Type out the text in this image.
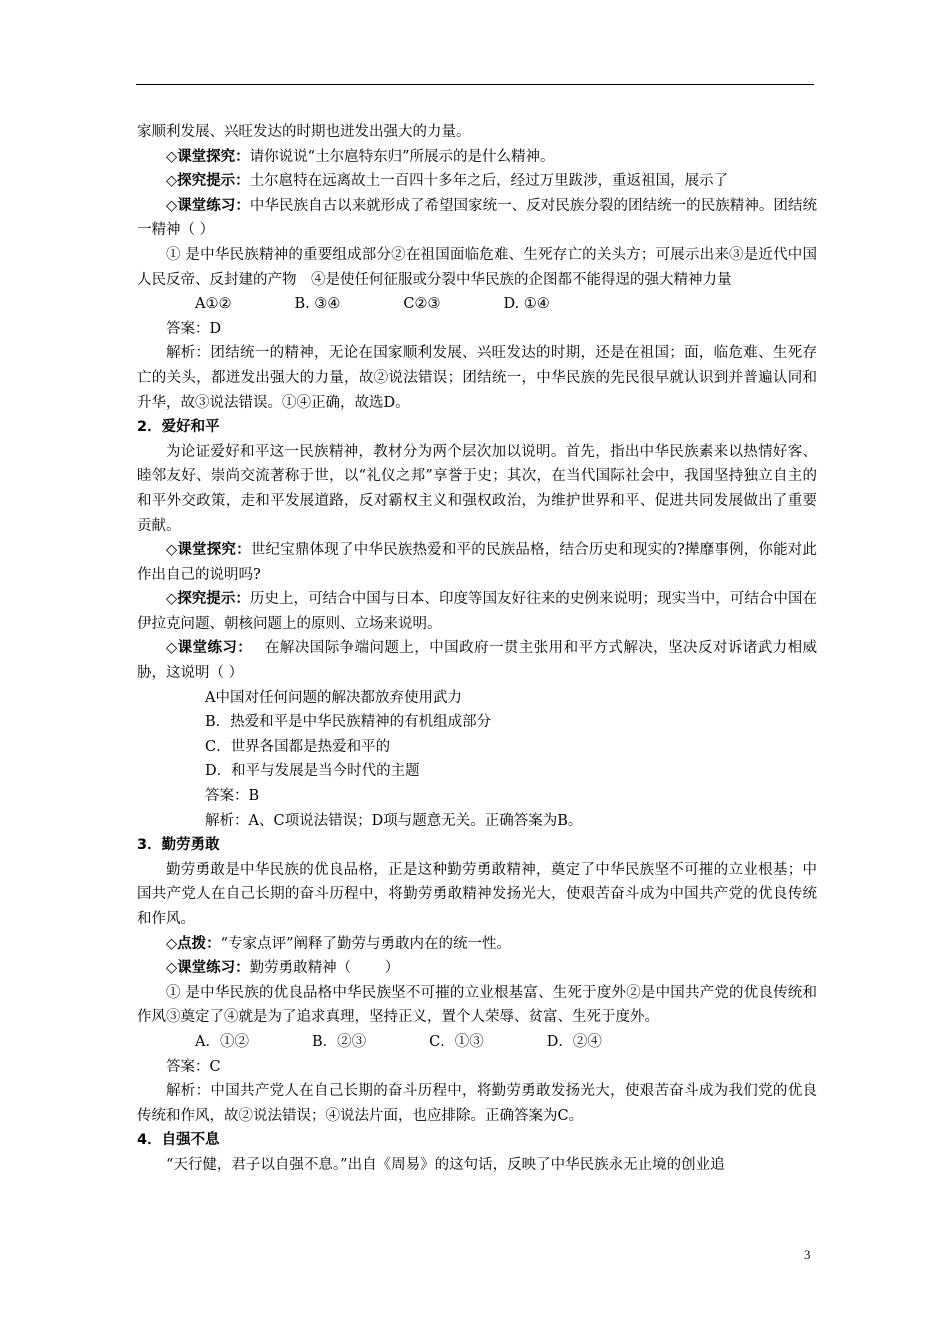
家顺利发展、兴旺发达的时期也迸发出强大的力量。

◇课堂探究：请你说说“土尔扈特东归”所展示的是什么精神。

◇探究提示：土尔扈特在远离故土一百四十多年之后，经过万里跋涉，重返祖国，展示了

◇课堂练习：中华民族自古以来就形成了希望国家统一、反对民族分裂的团结统一的民族精神。团结统一精神（ ）

① 是中华民族精神的重要组成部分②在祖国面临危难、生死存亡的关头方；可展示出来③是近代中国人民反帝、反封建的产物　④是使任何征服或分裂中华民族的企图都不能得逞的强大精神力量

A①②	B. ③④	C②③	D. ①④

答案：D

解析：团结统一的精神，无论在国家顺利发展、兴旺发达的时期，还是在祖国；面，临危难、生死存亡的关头，都迸发出强大的力量，故②说法错误；团结统一，中华民族的先民很早就认识到并普遍认同和升华，故③说法错误。①④正确，故选D。

2．爱好和平

为论证爱好和平这一民族精神，教材分为两个层次加以说明。首先，指出中华民族素来以热情好客、睦邻友好、崇尚交流著称于世，以“礼仪之邦”享誉于史；其次，在当代国际社会中，我国坚持独立自主的和平外交政策，走和平发展道路，反对霸权主义和强权政治，为维护世界和平、促进共同发展做出了重要贡献。

◇课堂探究：世纪宝鼎体现了中华民族热爱和平的民族品格，结合历史和现实的?撵靡事例，你能对此作出自己的说明吗?

◇探究提示：历史上，可结合中国与日本、印度等国友好往来的史例来说明；现实当中，可结合中国在伊拉克问题、朝核问题上的原则、立场来说明。

◇课堂练习：　 在解决国际争端问题上，中国政府一贯主张用和平方式解决，坚决反对诉诸武力相威胁，这说明（ ）

A中国对任何问题的解决都放弃使用武力

B．热爱和平是中华民族精神的有机组成部分

C．世界各国都是热爱和平的

D．和平与发展是当今时代的主题

答案：B

解析：A、C项说法错误；D项与题意无关。正确答案为B。

3．勤劳勇敢

勤劳勇敢是中华民族的优良品格，正是这种勤劳勇敢精神，奠定了中华民族坚不可摧的立业根基；中国共产党人在自己长期的奋斗历程中，将勤劳勇敢精神发扬光大，使艰苦奋斗成为中国共产党的优良传统和作风。

◇点拨：“专家点评”阐释了勤劳与勇敢内在的统一性。

◇课堂练习：勤劳勇敢精神（　　 ）

① 是中华民族的优良品格中华民族坚不可摧的立业根基富、生死于度外②是中国共产党的优良传统和作风③奠定了④就是为了追求真理，坚持正义，置个人荣辱、贫富、生死于度外。

A．①②	B．②③	C．①③	D．②④

答案：C

解析：中国共产党人在自己长期的奋斗历程中，将勤劳勇敢发扬光大，使艰苦奋斗成为我们党的优良传统和作风，故②说法错误；④说法片面，也应排除。正确答案为C。

4．自强不息

“天行健，君子以自强不息。”出自《周易》的这句话，反映了中华民族永无止境的创业追

3
